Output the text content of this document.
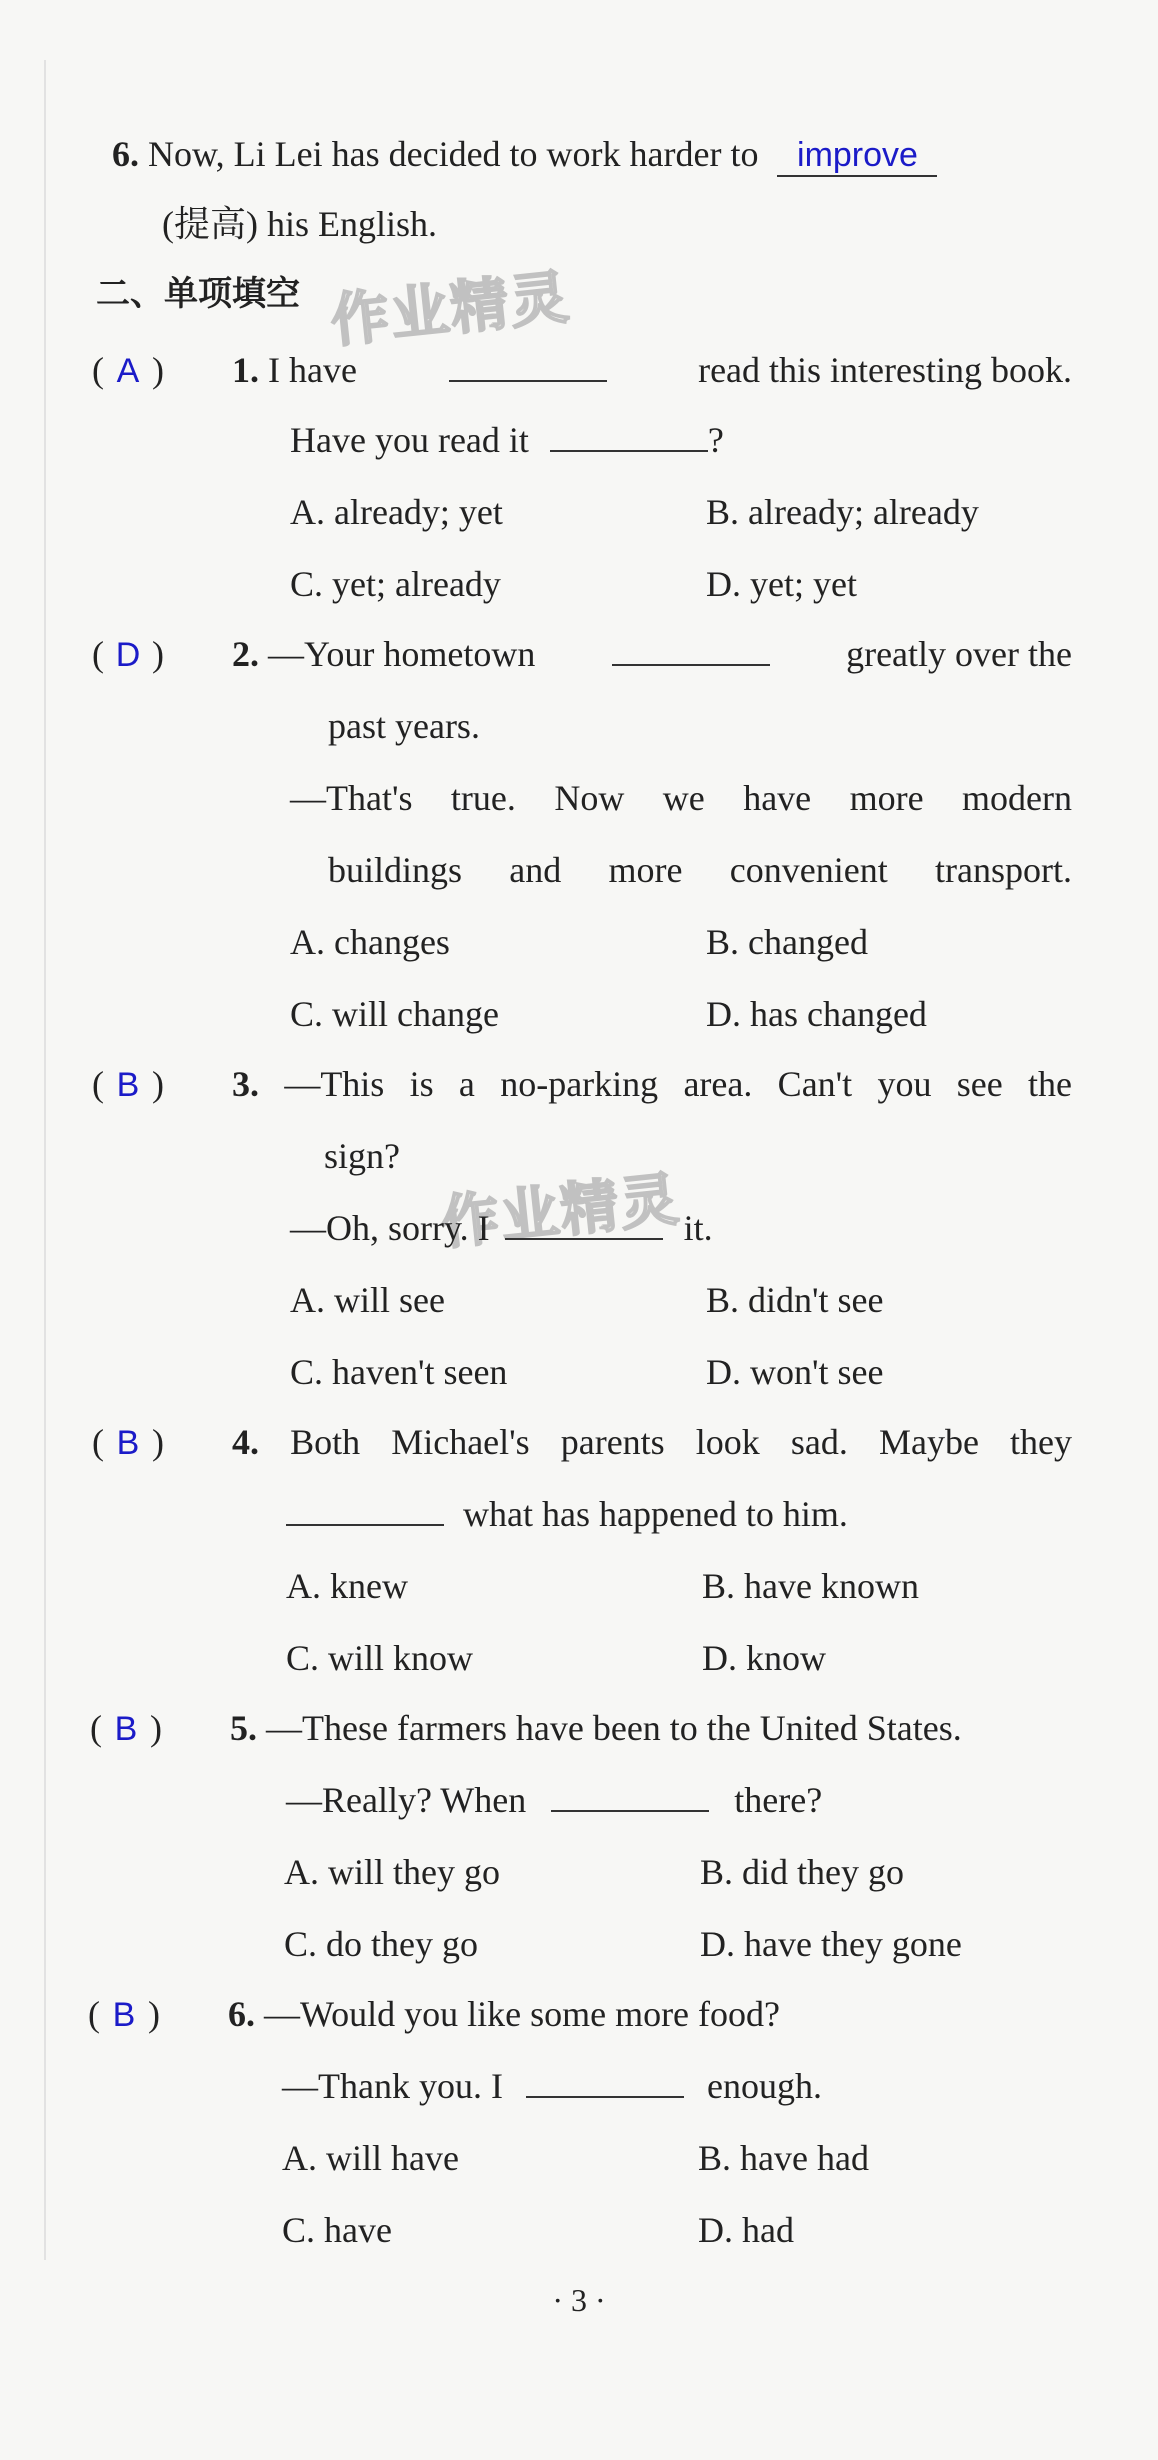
6. Now, Li Lei has decided to work harder to improve
(提高) his English.
二、单项填空 作业精灵
( A ) 1. I have	read this interesting book.
Have you read it	?
A. already; yet	B. already; already
C. yet; already	D. yet; yet
( D ) 2. —Your hometown	greatly over the
past years.
—That's true. Now we have more modern
buildings and more convenient transport.
A. changes	B. changed
C. will change	D. has changed
( B ) 3. —This is a no-parking area. Can't you see the
sign?
作业精灵
—Oh, sorry. I	it.
A. will see	B. didn't see
C. haven't seen	D. won't see
( B ) 4. Both Michael's parents look sad. Maybe they
what has happened to him.
A. knew	B. have known
C. will know	D. know
( B ) 5. —These farmers have been to the United States.
—Really? When	there?
A. will they go	B. did they go
C. do they go	D. have they gone
( B ) 6. —Would you like some more food?
—Thank you. I	enough.
A. will have	B. have had
C. have	D. had
· 3 ·
